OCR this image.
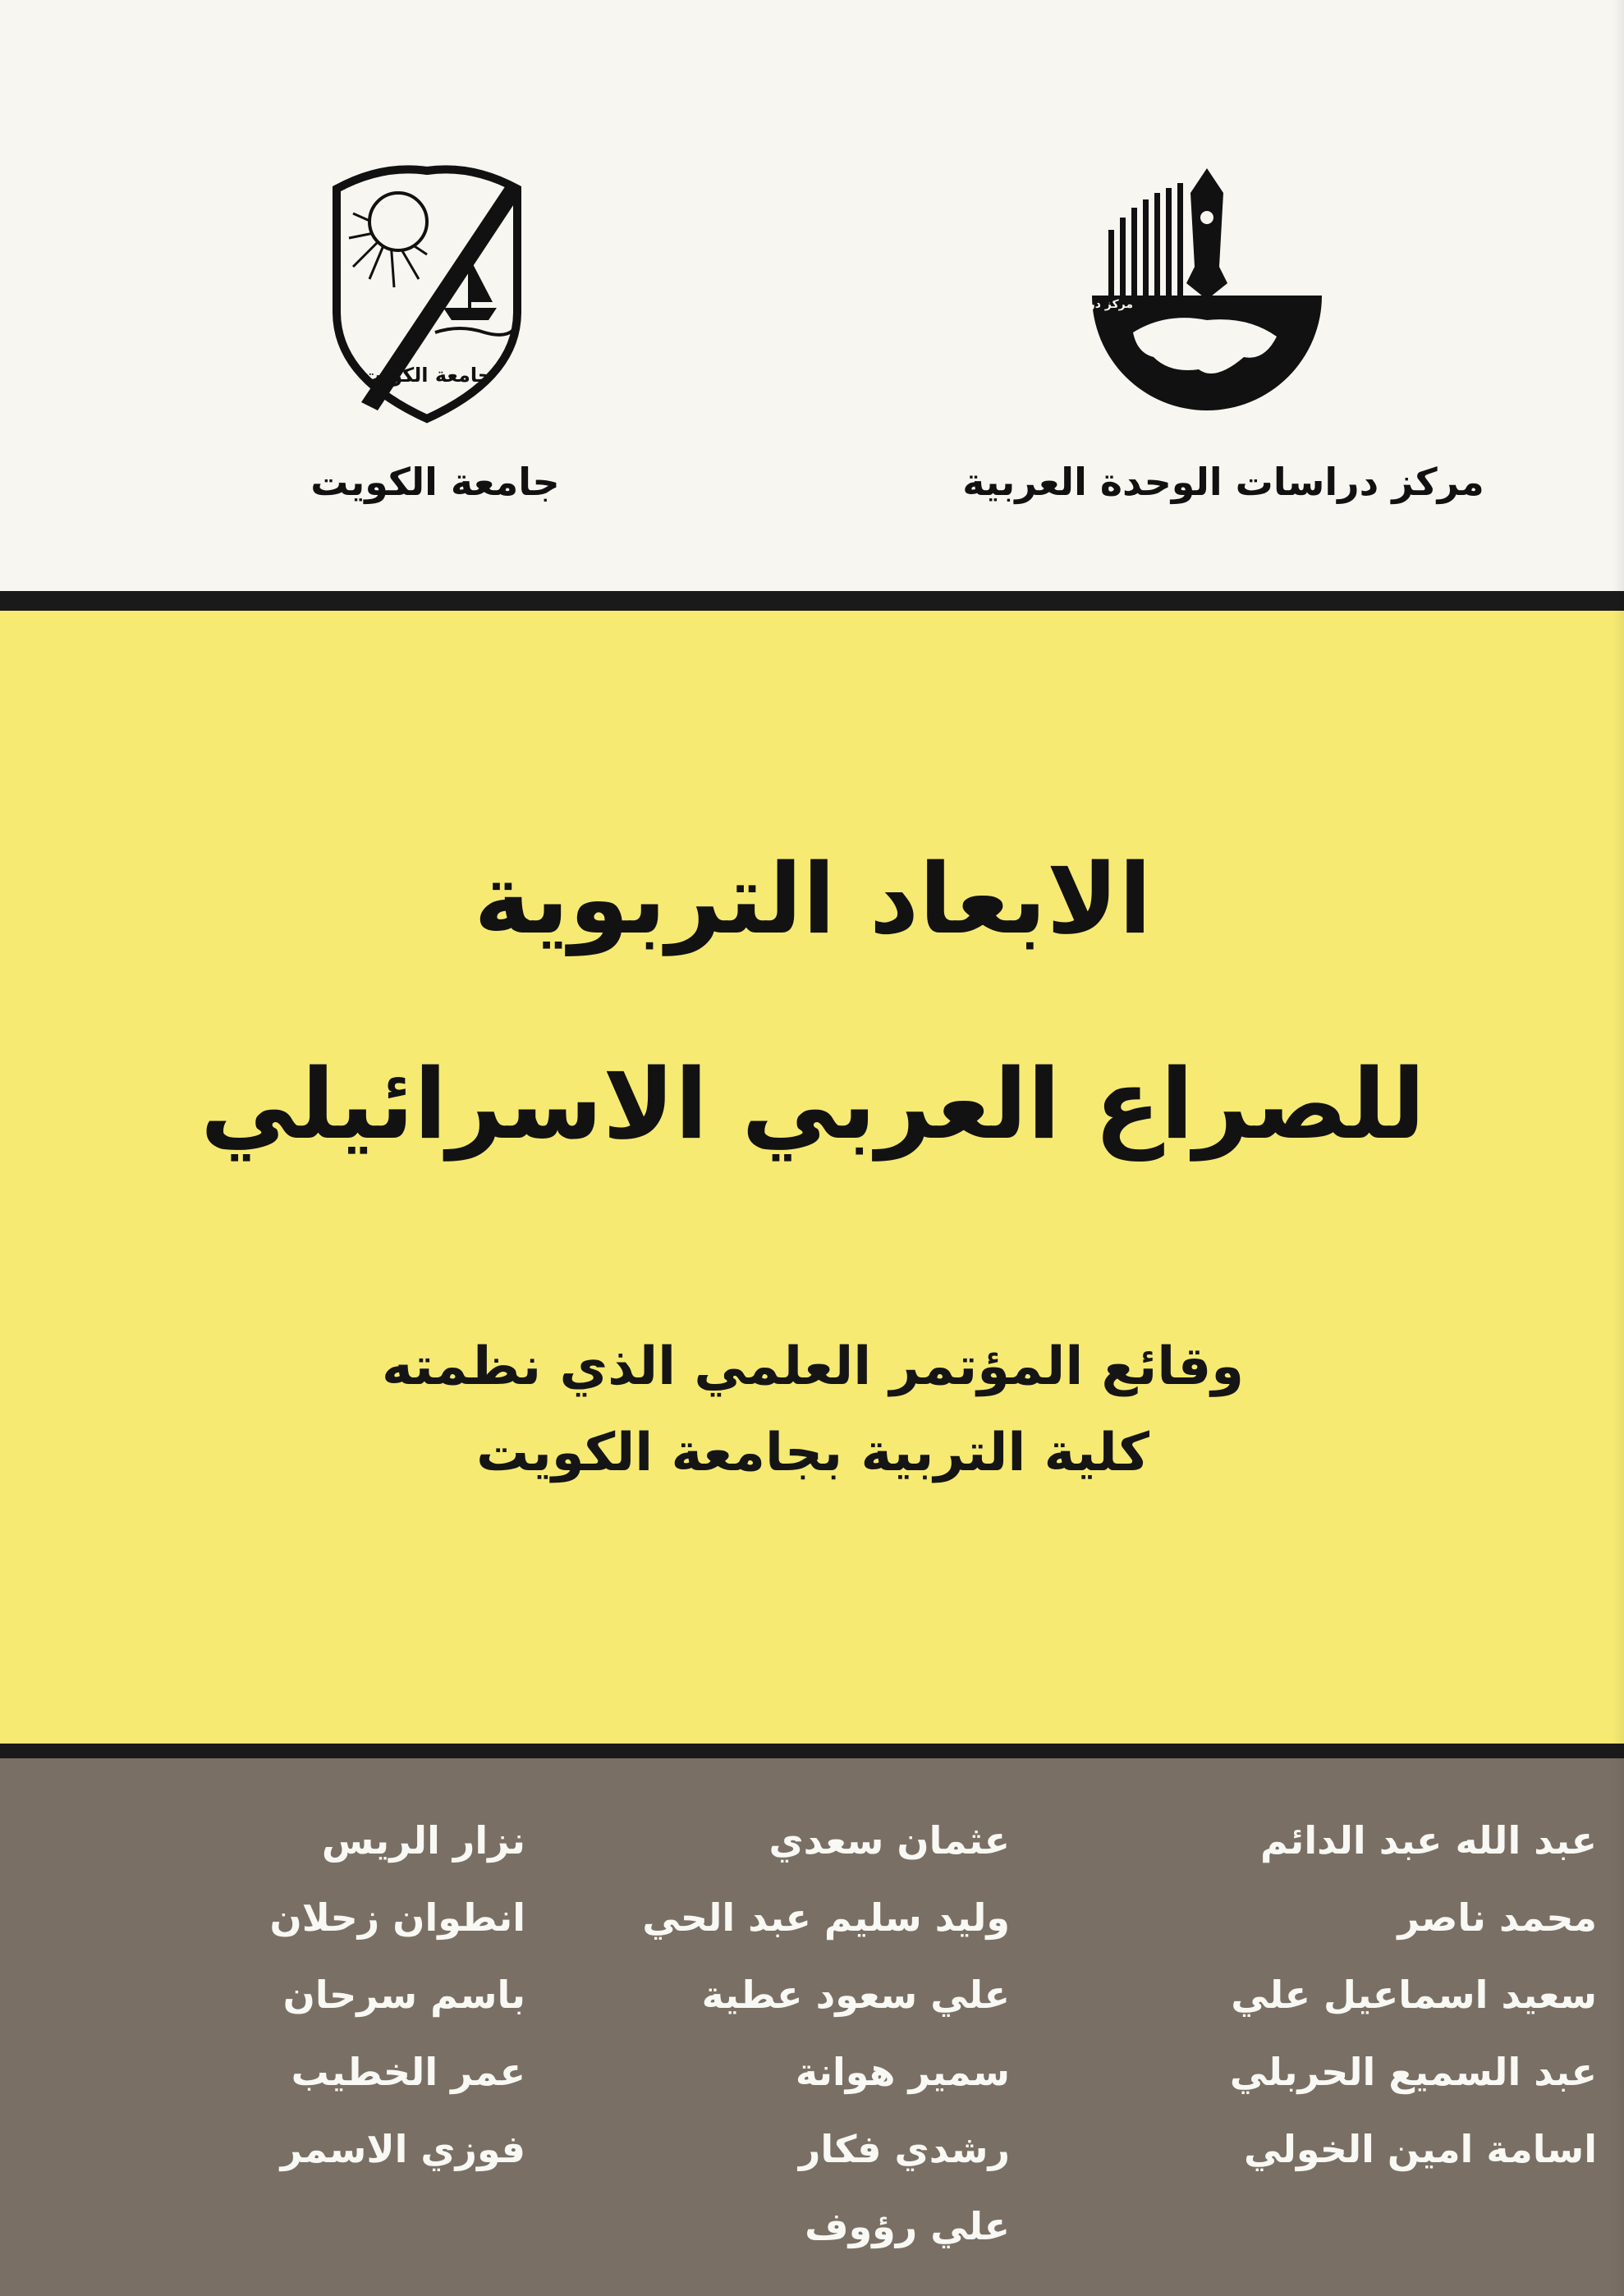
مركز دراسات الوحدة العربية
جامعة الكويت
مركز دراسات الوحدة العربية
جامعة الكويت
الابعاد التربوية
للصراع العربي الاسرائيلي
وقائع المؤتمر العلمي الذي نظمته
كلية التربية بجامعة الكويت
عبد الله عبد الدائم
محمد ناصر
سعيد اسماعيل علي
عبد السميع الحربلي
اسامة امين الخولي
عثمان سعدي
وليد سليم عبد الحي
علي سعود عطية
سمير هوانة
رشدي فكار
علي رؤوف
نزار الريس
انطوان زحلان
باسم سرحان
عمر الخطيب
فوزي الاسمر
